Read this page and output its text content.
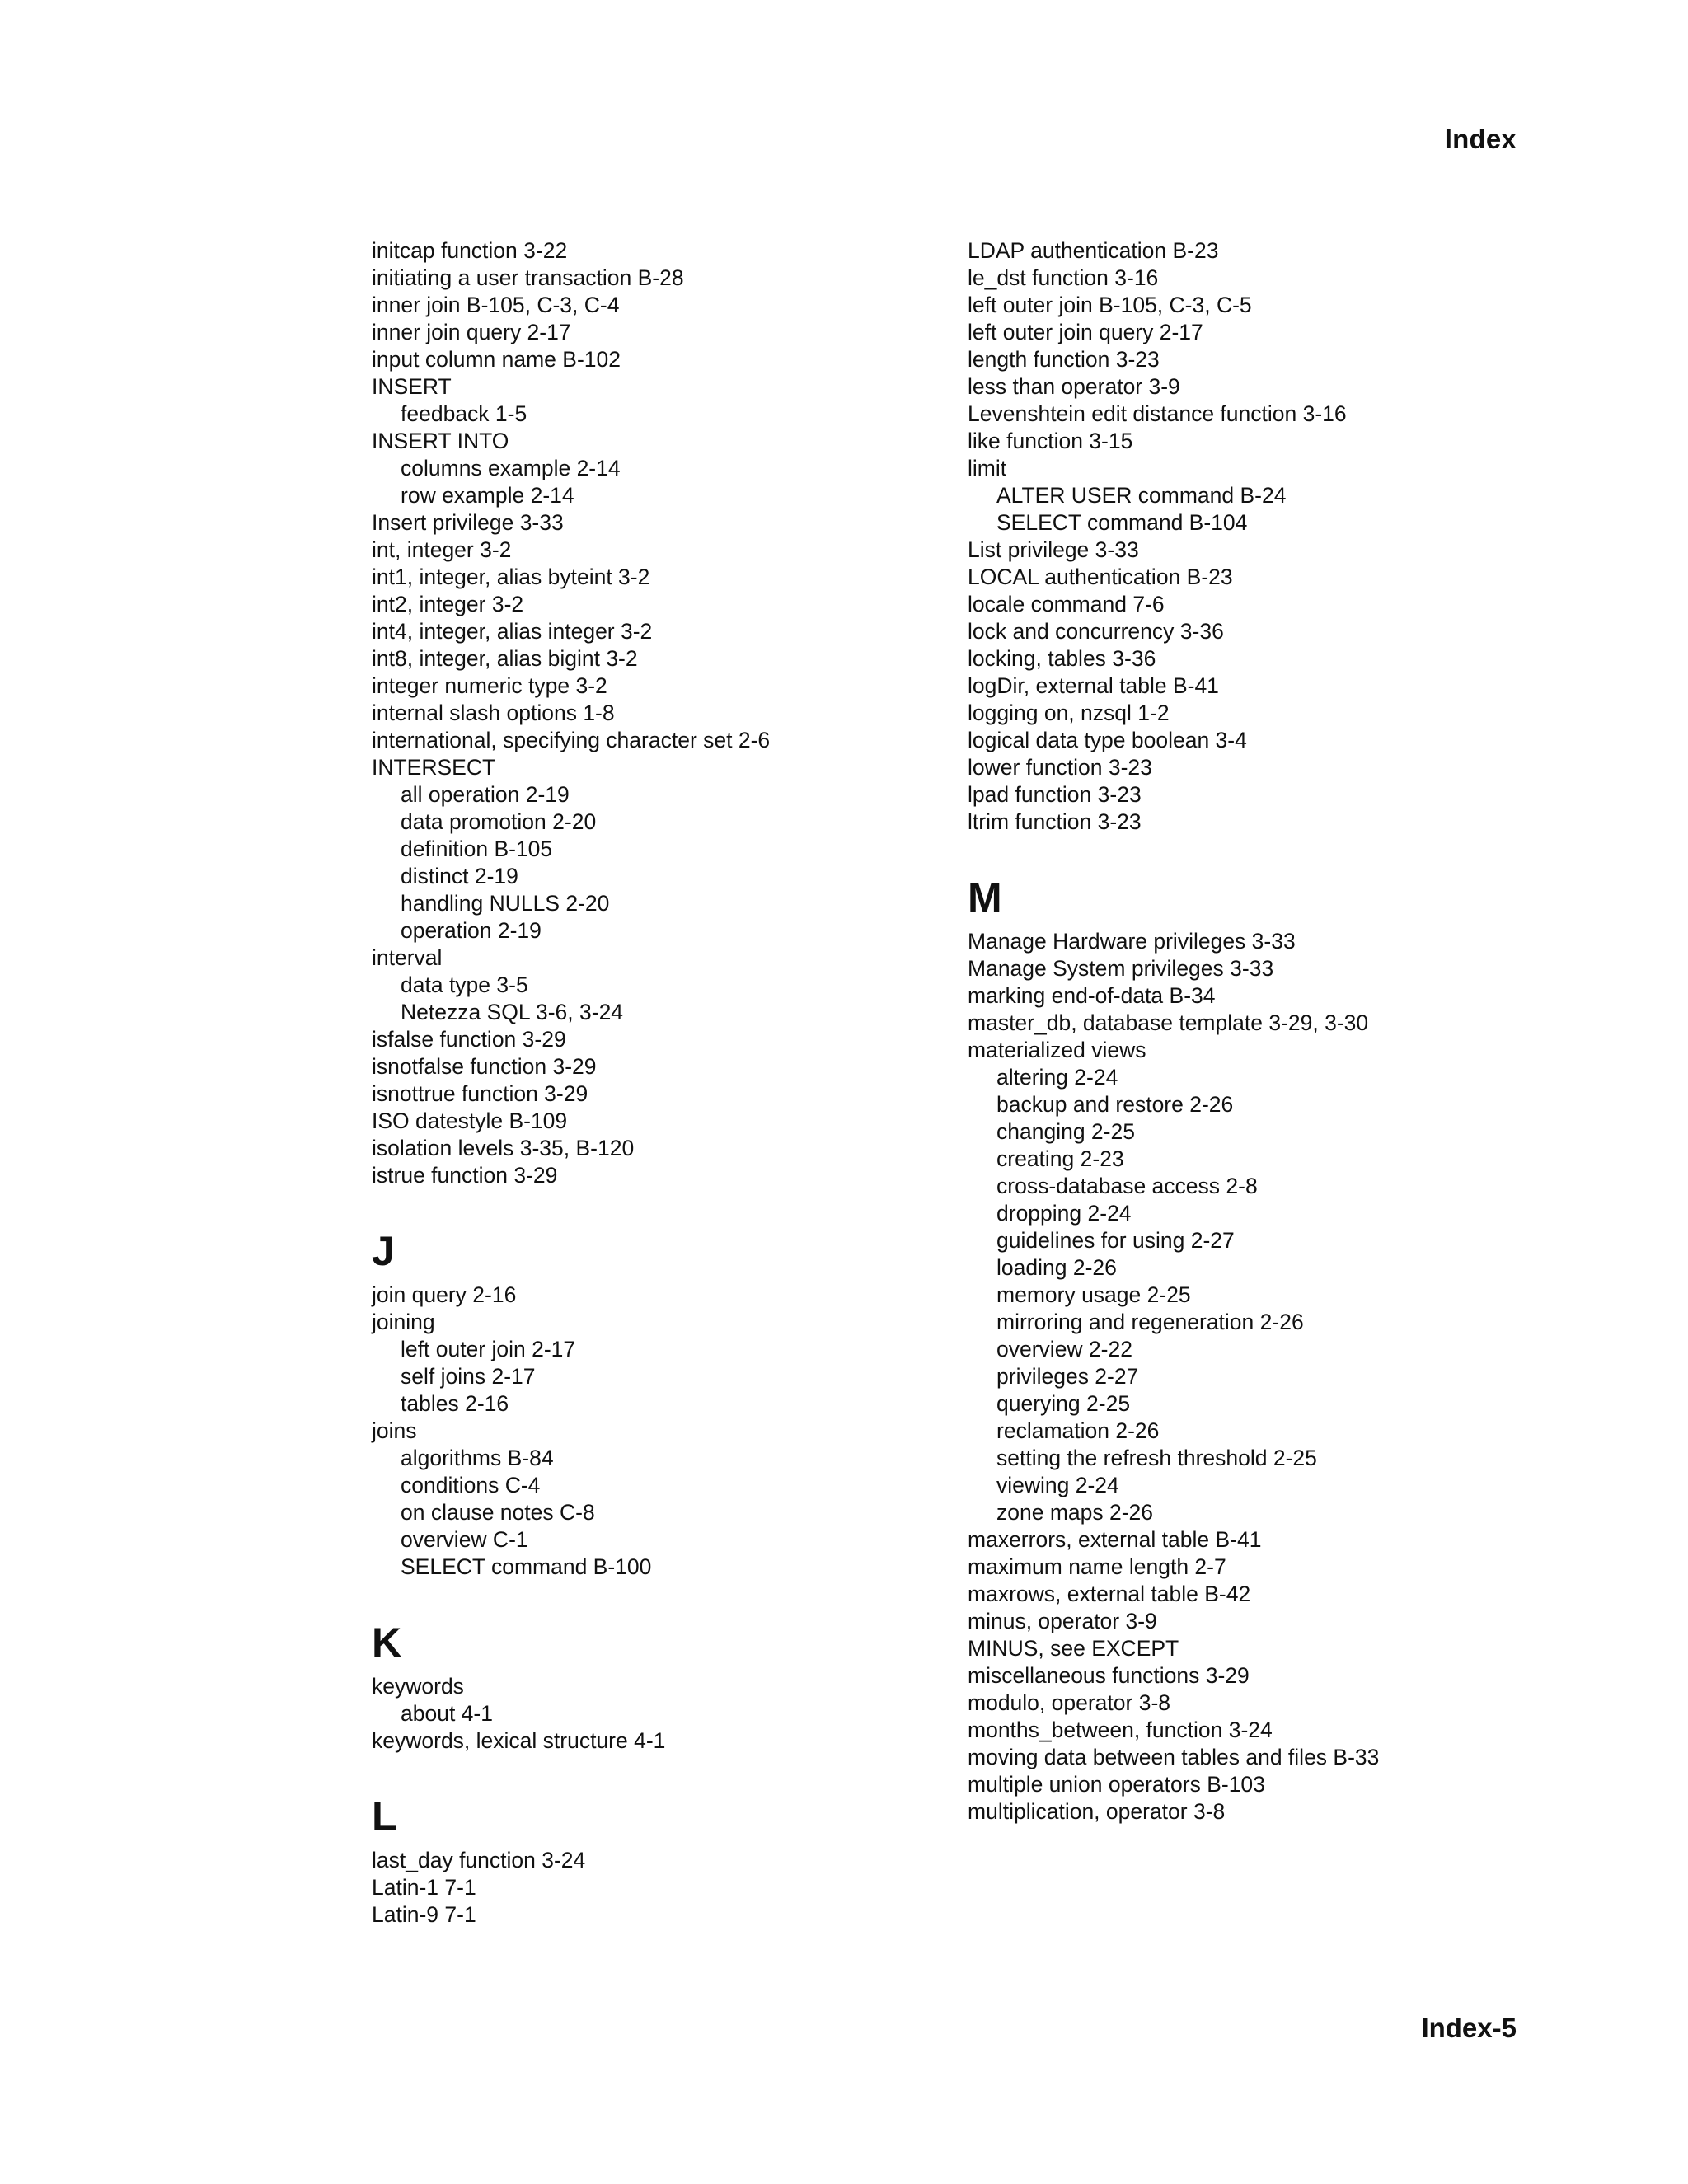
Index
initcap function 3-22
initiating a user transaction B-28
inner join B-105, C-3, C-4
inner join query 2-17
input column name B-102
INSERT
feedback 1-5
INSERT INTO
columns example 2-14
row example 2-14
Insert privilege 3-33
int, integer 3-2
int1, integer, alias byteint 3-2
int2, integer 3-2
int4, integer, alias integer 3-2
int8, integer, alias bigint 3-2
integer numeric type 3-2
internal slash options 1-8
international, specifying character set 2-6
INTERSECT
all operation 2-19
data promotion 2-20
definition B-105
distinct 2-19
handling NULLS 2-20
operation 2-19
interval
data type 3-5
Netezza SQL 3-6, 3-24
isfalse function 3-29
isnotfalse function 3-29
isnottrue function 3-29
ISO datestyle B-109
isolation levels 3-35, B-120
istrue function 3-29
J
join query 2-16
joining
left outer join 2-17
self joins 2-17
tables 2-16
joins
algorithms B-84
conditions C-4
on clause notes C-8
overview C-1
SELECT command B-100
K
keywords
about 4-1
keywords, lexical structure 4-1
L
last_day function 3-24
Latin-1 7-1
Latin-9 7-1
LDAP authentication B-23
le_dst function 3-16
left outer join B-105, C-3, C-5
left outer join query 2-17
length function 3-23
less than operator 3-9
Levenshtein edit distance function 3-16
like function 3-15
limit
ALTER USER command B-24
SELECT command B-104
List privilege 3-33
LOCAL authentication B-23
locale command 7-6
lock and concurrency 3-36
locking, tables 3-36
logDir, external table B-41
logging on, nzsql 1-2
logical data type boolean 3-4
lower function 3-23
lpad function 3-23
ltrim function 3-23
M
Manage Hardware privileges 3-33
Manage System privileges 3-33
marking end-of-data B-34
master_db, database template 3-29, 3-30
materialized views
altering 2-24
backup and restore 2-26
changing 2-25
creating 2-23
cross-database access 2-8
dropping 2-24
guidelines for using 2-27
loading 2-26
memory usage 2-25
mirroring and regeneration 2-26
overview 2-22
privileges 2-27
querying 2-25
reclamation 2-26
setting the refresh threshold 2-25
viewing 2-24
zone maps 2-26
maxerrors, external table B-41
maximum name length 2-7
maxrows, external table B-42
minus, operator 3-9
MINUS, see EXCEPT
miscellaneous functions 3-29
modulo, operator 3-8
months_between, function 3-24
moving data between tables and files B-33
multiple union operators B-103
multiplication, operator 3-8
Index-5
